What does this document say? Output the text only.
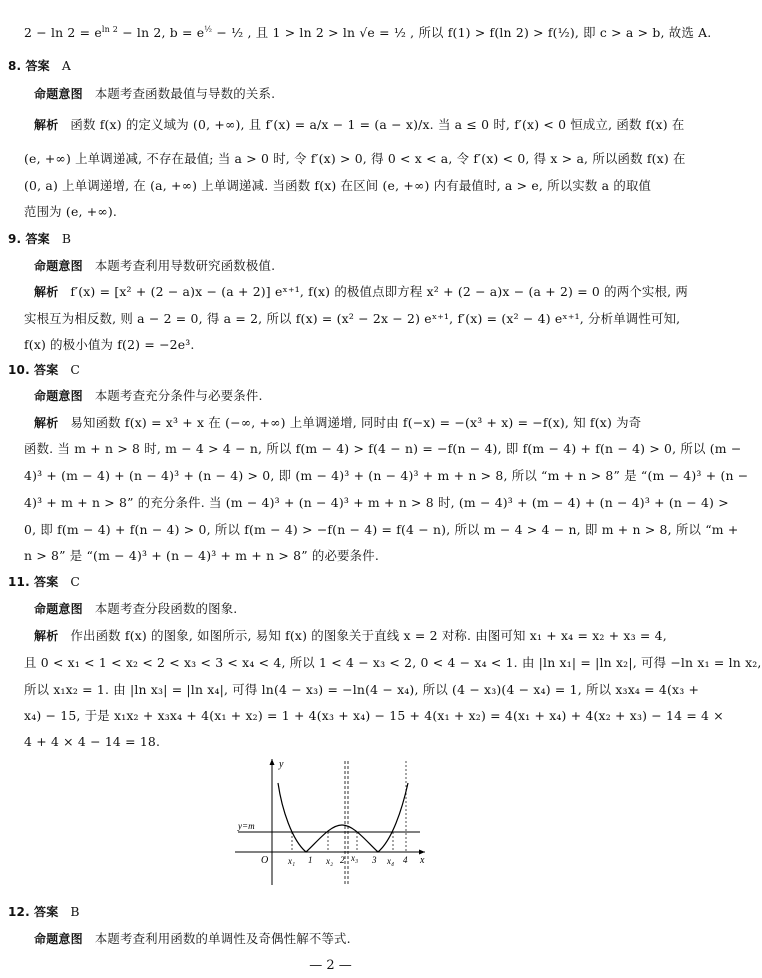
$2 - \ln 2 = e^{ln 2} - \ln 2$, $b = e^{\frac{1}{2}}$ − ½ , 且 1 > ln 2 > ln √e = ½ , 所以 f(1) > f(ln 2) > f(½), 即 c > a > b, 故选 A.
8. 答案 A
命题意图 本题考查函数最值与导数的关系.
解析 函数 f(x) 的定义域为 (0, +∞), 且 f′(x) = a/x − 1 = (a − x)/x. 当 a ≤ 0 时, f′(x) < 0 恒成立, 函数 f(x) 在
(e, +∞) 上单调递减, 不存在最值; 当 a > 0 时, 令 f′(x) > 0, 得 0 < x < a, 令 f′(x) < 0, 得 x > a, 所以函数 f(x) 在
(0, a) 上单调递增, 在 (a, +∞) 上单调递减. 当函数 f(x) 在区间 (e, +∞) 内有最值时, a > e, 所以实数 a 的取值
范围为 (e, +∞).
9. 答案 B
命题意图 本题考查利用导数研究函数极值.
解析 f′(x) = [x² + (2 − a)x − (a + 2)] eˣ⁺¹, f(x) 的极值点即方程 x² + (2 − a)x − (a + 2) = 0 的两个实根, 两
实根互为相反数, 则 a − 2 = 0, 得 a = 2, 所以 f(x) = (x² − 2x − 2) eˣ⁺¹, f′(x) = (x² − 4) eˣ⁺¹, 分析单调性可知,
f(x) 的极小值为 f(2) = −2e³.
10. 答案 C
命题意图 本题考查充分条件与必要条件.
解析 易知函数 f(x) = x³ + x 在 (−∞, +∞) 上单调递增, 同时由 f(−x) = −(x³ + x) = −f(x), 知 f(x) 为奇
函数. 当 m + n > 8 时, m − 4 > 4 − n, 所以 f(m − 4) > f(4 − n) = −f(n − 4), 即 f(m − 4) + f(n − 4) > 0, 所以 (m −
4)³ + (m − 4) + (n − 4)³ + (n − 4) > 0, 即 (m − 4)³ + (n − 4)³ + m + n > 8, 所以 “m + n > 8” 是 “(m − 4)³ + (n −
4)³ + m + n > 8” 的充分条件. 当 (m − 4)³ + (n − 4)³ + m + n > 8 时, (m − 4)³ + (m − 4) + (n − 4)³ + (n − 4) >
0, 即 f(m − 4) + f(n − 4) > 0, 所以 f(m − 4) > −f(n − 4) = f(4 − n), 所以 m − 4 > 4 − n, 即 m + n > 8, 所以 “m +
n > 8” 是 “(m − 4)³ + (n − 4)³ + m + n > 8” 的必要条件.
11. 答案 C
命题意图 本题考查分段函数的图象.
解析 作出函数 f(x) 的图象, 如图所示, 易知 f(x) 的图象关于直线 x = 2 对称. 由图可知 x₁ + x₄ = x₂ + x₃ = 4,
且 0 < x₁ < 1 < x₂ < 2 < x₃ < 3 < x₄ < 4, 所以 1 < 4 − x₃ < 2, 0 < 4 − x₄ < 1. 由 |ln x₁| = |ln x₂|, 可得 −ln x₁ = ln x₂,
所以 x₁x₂ = 1. 由 |ln x₃| = |ln x₄|, 可得 ln(4 − x₃) = −ln(4 − x₄), 所以 (4 − x₃)(4 − x₄) = 1, 所以 x₃x₄ = 4(x₃ +
x₄) − 15, 于是 x₁x₂ + x₃x₄ + 4(x₁ + x₂) = 1 + 4(x₃ + x₄) − 15 + 4(x₁ + x₂) = 4(x₁ + x₄) + 4(x₂ + x₃) − 14 = 4 ×
4 + 4 × 4 − 14 = 18.
y
x
O
y=m
x₁ 1 x₂ 2 x₃ 3 x₄ 4
12. 答案 B
命题意图 本题考查利用函数的单调性及奇偶性解不等式.
— 2 —
